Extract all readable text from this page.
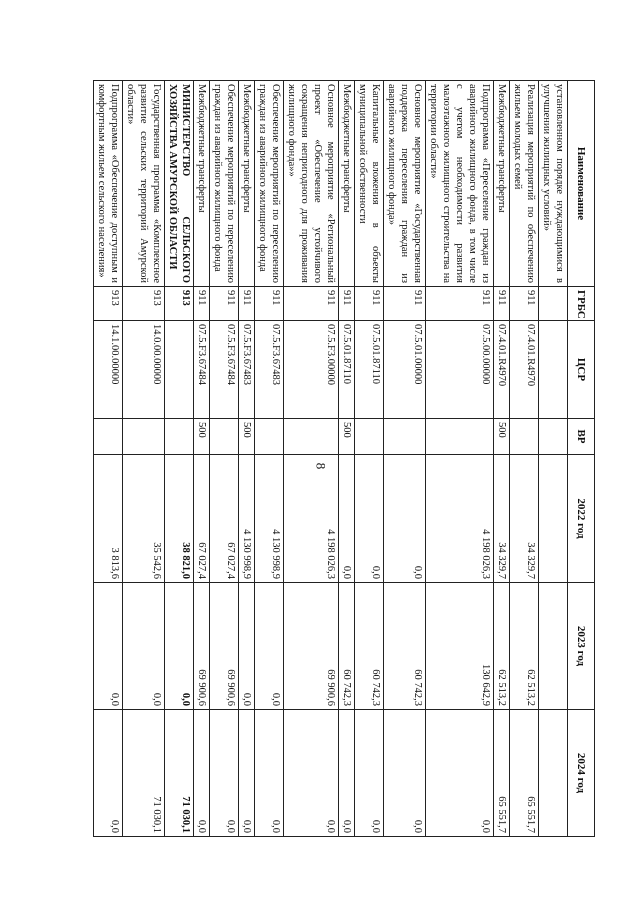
8
Наименование	ГРБС	ЦСР	ВР	2022 год	2023 год	2024 год
установленном порядке нуждающимися в улучшении жилищных условий»						
Реализация мероприятий по обеспечению жильем молодых семей	911	07.4.01.R4970		34 329,7	62 513,2	65 551,7
Межбюджетные трансферты	911	07.4.01.R4970	500	34 329,7	62 513,2	65 551,7
Подпрограмма «Переселение граждан из аварийного жилищного фонда, в том числе с учетом необходимости развития малоэтажного жилищного строительства на территории области»	911	07.5.00.00000		4 198 026,3	130 642,9	0,0
Основное мероприятие «Государственная поддержка переселения граждан из аварийного жилищного фонда»	911	07.5.01.00000		0,0	60 742,3	0,0
Капитальные вложения в объекты муниципальной собственности	911	07.5.01.87110		0,0	60 742,3	0,0
Межбюджетные трансферты	911	07.5.01.87110	500	0,0	60 742,3	0,0
Основное мероприятие «Региональный проект «Обеспечение устойчивого сокращения непригодного для проживания жилищного фонда»»	911	07.5.F3.00000		4 198 026,3	69 900,6	0,0
Обеспечение мероприятий по переселению граждан из аварийного жилищного фонда	911	07.5.F3.67483		4 130 998,9	0,0	0,0
Межбюджетные трансферты	911	07.5.F3.67483	500	4 130 998,9	0,0	0,0
Обеспечение мероприятий по переселению граждан из аварийного жилищного фонда	911	07.5.F3.67484		67 027,4	69 900,6	0,0
Межбюджетные трансферты	911	07.5.F3.67484	500	67 027,4	69 900,6	0,0
МИНИСТЕРСТВО СЕЛЬСКОГО ХОЗЯЙСТВА АМУРСКОЙ ОБЛАСТИ	913			38 821,0	0,0	71 030,1
Государственная программа «Комплексное развитие сельских территорий Амурской области»	913	14.0.00.00000		35 542,6	0,0	71 030,1
Подпрограмма «Обеспечение доступным и комфортным жильем сельского населения»	913	14.1.00.00000		3 813,6	0,0	0,0
